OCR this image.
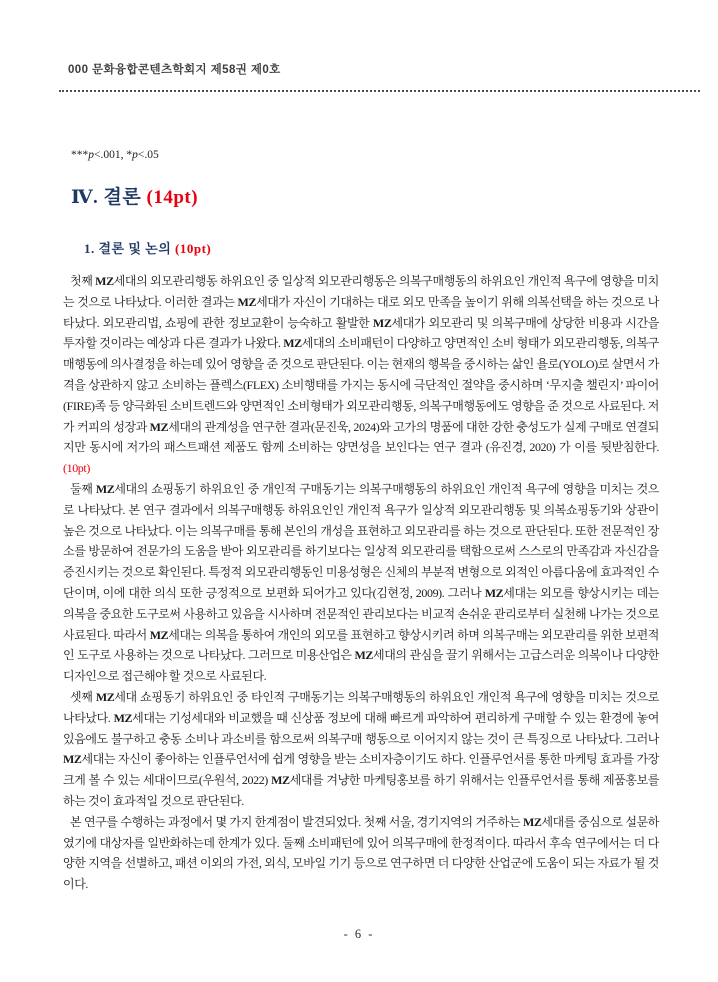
000 문화융합콘텐츠학회지 제58권 제0호
***p<.001, *p<.05
Ⅳ. 결론 (14pt)
1. 결론 및 논의 (10pt)

첫째 MZ세대의 외모관리행동 하위요인 중 일상적 외모관리행동은 의복구매행동의 하위요인 개인적 욕구에 영향을 미치는 것으로 나타났다. 이러한 결과는 MZ세대가 자신이 기대하는 대로 외모 만족을 높이기 위해 의복선택을 하는 것으로 나타났다. 외모관리법, 쇼핑에 관한 정보교환이 능숙하고 활발한 MZ세대가 외모관리 및 의복구매에 상당한 비용과 시간을 투자할 것이라는 예상과 다른 결과가 나왔다. MZ세대의 소비패턴이 다양하고 양면적인 소비 형태가 외모관리행동, 의복구매행동에 의사결정을 하는데 있어 영향을 준 것으로 판단된다. 이는 현재의 행복을 중시하는 삶인 욜로(YOLO)로 살면서 가격을 상관하지 않고 소비하는 플렉스(FLEX) 소비행태를 가지는 동시에 극단적인 절약을 중시하며 ‘무지출 챌린지’ 파이어(FIRE)족 등 양극화된 소비트렌드와 양면적인 소비형태가 외모관리행동, 의복구매행동에도 영향을 준 것으로 사료된다. 저가 커피의 성장과 MZ세대의 관계성을 연구한 결과(문진욱, 2024)와 고가의 명품에 대한 강한 충성도가 실제 구매로 연결되지만 동시에 저가의 패스트패션 제품도 함께 소비하는 양면성을 보인다는 연구 결과 (유진경, 2020) 가 이를 뒷받침한다. (10pt)

둘째 MZ세대의 쇼핑동기 하위요인 중 개인적 구매동기는 의복구매행동의 하위요인 개인적 욕구에 영향을 미치는 것으로 나타났다. 본 연구 결과에서 의복구매행동 하위요인인 개인적 욕구가 일상적 외모관리행동 및 의복쇼핑동기와 상관이 높은 것으로 나타났다. 이는 의복구매를 통해 본인의 개성을 표현하고 외모관리를 하는 것으로 판단된다. 또한 전문적인 장소를 방문하여 전문가의 도움을 받아 외모관리를 하기보다는 일상적 외모관리를 택함으로써 스스로의 만족감과 자신감을 증진시키는 것으로 확인된다. 특정적 외모관리행동인 미용성형은 신체의 부분적 변형으로 외적인 아름다움에 효과적인 수단이며, 이에 대한 의식 또한 긍정적으로 보편화 되어가고 있다(김현정, 2009). 그러나 MZ세대는 외모를 향상시키는 데는 의복을 중요한 도구로써 사용하고 있음을 시사하며 전문적인 관리보다는 비교적 손쉬운 관리로부터 실천해 나가는 것으로 사료된다. 따라서 MZ세대는 의복을 통하여 개인의 외모를 표현하고 향상시키려 하며 의복구매는 외모관리를 위한 보편적인 도구로 사용하는 것으로 나타났다. 그러므로 미용산업은 MZ세대의 관심을 끌기 위해서는 고급스러운 의복이나 다양한 디자인으로 접근해야 할 것으로 사료된다.

셋째 MZ세대 쇼핑동기 하위요인 중 타인적 구매동기는 의복구매행동의 하위요인 개인적 욕구에 영향을 미치는 것으로 나타났다. MZ세대는 기성세대와 비교했을 때 신상품 정보에 대해 빠르게 파악하여 편리하게 구매할 수 있는 환경에 놓여있음에도 불구하고 충동 소비나 과소비를 함으로써 의복구매 행동으로 이어지지 않는 것이 큰 특징으로 나타났다. 그러나 MZ세대는 자신이 좋아하는 인플루언서에 쉽게 영향을 받는 소비자층이기도 하다. 인플루언서를 통한 마케팅 효과를 가장 크게 볼 수 있는 세대이므로(우원석, 2022) MZ세대를 겨냥한 마케팅홍보를 하기 위해서는 인플루언서를 통해 제품홍보를 하는 것이 효과적일 것으로 판단된다.

본 연구를 수행하는 과정에서 몇 가지 한계점이 발견되었다. 첫째 서울, 경기지역의 거주하는 MZ세대를 중심으로 설문하였기에 대상자를 일반화하는데 한계가 있다. 둘째 소비패턴에 있어 의복구매에 한정적이다. 따라서 후속 연구에서는 더 다양한 지역을 선별하고, 패션 이외의 가전, 외식, 모바일 기기 등으로 연구하면 더 다양한 산업군에 도움이 되는 자료가 될 것이다.

- 6 -
